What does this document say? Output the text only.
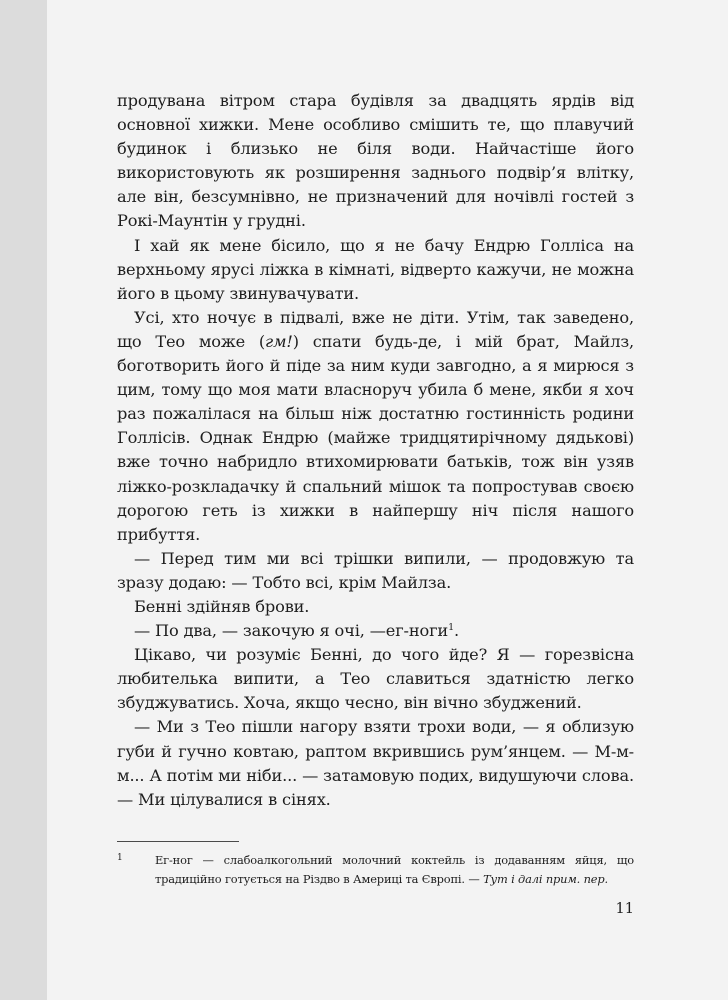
продувана вітром стара будівля за двадцять ярдів від основної хижки. Мене особливо смішить те, що плавучий будинок і близько не біля води. Найчастіше його використовують як розширення заднього подвір’я влітку, але він, безсумнівно, не призначений для ночівлі гостей з Рокі-Маунтін у грудні.

І хай як мене бісило, що я не бачу Ендрю Голліса на верхньому ярусі ліжка в кімнаті, відверто кажучи, не можна його в цьому звинувачувати.

Усі, хто ночує в підвалі, вже не діти. Утім, так заведено, що Тео може (гм!) спати будь-де, і мій брат, Майлз, боготворить його й піде за ним куди завгодно, а я мирюся з цим, тому що моя мати власноруч убила б мене, якби я хоч раз пожалілася на більш ніж достатню гостинність родини Голлісів. Однак Ендрю (майже тридцятирічному дядькові) вже точно набридло втихомирювати батьків, тож він узяв ліжко-розкладачку й спальний мішок та попростував своєю дорогою геть із хижки в найпершу ніч після нашого прибуття.

— Перед тим ми всі трішки випили, — продовжую та зразу додаю: — Тобто всі, крім Майлза.

Бенні здійняв брови.

— По два, — закочую я очі, —ег-ноги$^1$.

Цікаво, чи розуміє Бенні, до чого йде? Я — горезвісна любителька випити, а Тео славиться здатністю легко збуджуватись. Хоча, якщо чесно, він вічно збуджений.

— Ми з Тео пішли нагору взяти трохи води, — я облизую губи й гучно ковтаю, раптом вкрившись рум’янцем. — М-м-м... А потім ми ніби... — затамовую подих, видушуючи слова. — Ми цілувалися в сінях.

1	Ег-ног — слабоалкогольний молочний коктейль із додаванням яйця, що традиційно готується на Різдво в Америці та Європі. — Тут і далі прим. пер.
11
